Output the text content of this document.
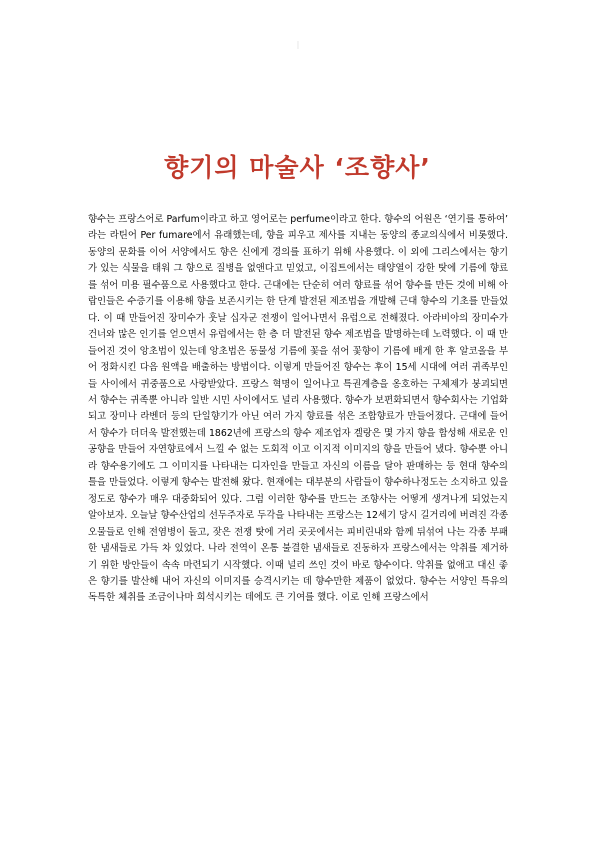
향기의 마술사 ‘조향사’

향수는 프랑스어로 Parfum이라고 하고 영어로는 perfume이라고 한다. 향수의 어원은 ‘연기를 통하여’ 라는 라틴어 Per fumare에서 유래했는데, 향을 피우고 제사를 지내는 동양의 종교의식에서 비롯했다. 동양의 문화를 이어 서양에서도 향은 신에게 경의를 표하기 위해 사용했다. 이 외에 그리스에서는 향기가 있는 식물을 태워 그 향으로 질병을 없앤다고 믿었고, 이집트에서는 태양열이 강한 탓에 기름에 향료를 섞어 미용 필수품으로 사용했다고 한다. 근대에는 단순히 여러 향료를 섞어 향수를 만든 것에 비해 아랍인들은 수증기를 이용해 향을 보존시키는 한 단계 발전된 제조법을 개발해 근대 향수의 기초를 만들었다. 이 때 만들어진 장미수가 훗날 십자군 전쟁이 일어나면서 유럽으로 전해졌다. 아라비아의 장미수가 건너와 많은 인기를 얻으면서 유럽에서는 한 층 더 발전된 향수 제조법을 발명하는데 노력했다. 이 때 만들어진 것이 앙초법이 있는데 앙초법은 동물성 기름에 꽃을 섞어 꽃향이 기름에 배게 한 후 알코올을 부어 정화시킨 다음 원액을 배출하는 방법이다. 이렇게 만들어진 향수는 후이 15세 시대에 여러 귀족부인들 사이에서 귀중품으로 사랑받았다. 프랑스 혁명이 일어나고 특권계층을 옹호하는 구체제가 붕괴되면서 향수는 귀족뿐 아니라 일반 시민 사이에서도 널리 사용했다. 향수가 보편화되면서 향수회사는 기업화되고 장미나 라벤더 등의 단일향기가 아닌 여러 가지 향료를 섞은 조합향료가 만들어졌다. 근대에 들어서 향수가 더더욱 발전했는데 1862년에 프랑스의 향수 제조업자 겔랑은 몇 가지 향을 합성해 새로운 인공향을 만들어 자연향료에서 느낄 수 없는 도회적 이고 이지적 이미지의 향을 만들어 냈다. 향수뿐 아니라 향수용기에도 그 이미지를 나타내는 디자인을 만들고 자신의 이름을 달아 판매하는 등 현대 향수의 틀을 만들었다. 이렇게 향수는 발전해 왔다. 현재에는 대부분의 사람들이 향수하나정도는 소지하고 있을 정도로 향수가 매우 대중화되어 있다. 그럼 이러한 향수를 만드는 조향사는 어떻게 생겨나게 되었는지 알아보자. 오늘날 향수산업의 선두주자로 두각을 나타내는 프랑스는 12세기 당시 길거리에 버려진 각종 오물들로 인해 전염병이 돌고, 잦은 전쟁 탓에 거리 곳곳에서는 피비린내와 함께 뒤섞여 나는 각종 부패한 냄새들로 가득 차 있었다. 나라 전역이 온통 불결한 냄새들로 진동하자 프랑스에서는 악취를 제거하기 위한 방안들이 속속 마련되기 시작했다. 이때 널리 쓰인 것이 바로 향수이다. 악취를 없애고 대신 좋은 향기를 발산해 내어 자신의 이미지를 승격시키는 데 향수만한 제품이 없었다. 향수는 서양인 특유의 독특한 체취를 조금이나마 희석시키는 데에도 큰 기여를 했다. 이로 인해 프랑스에서
